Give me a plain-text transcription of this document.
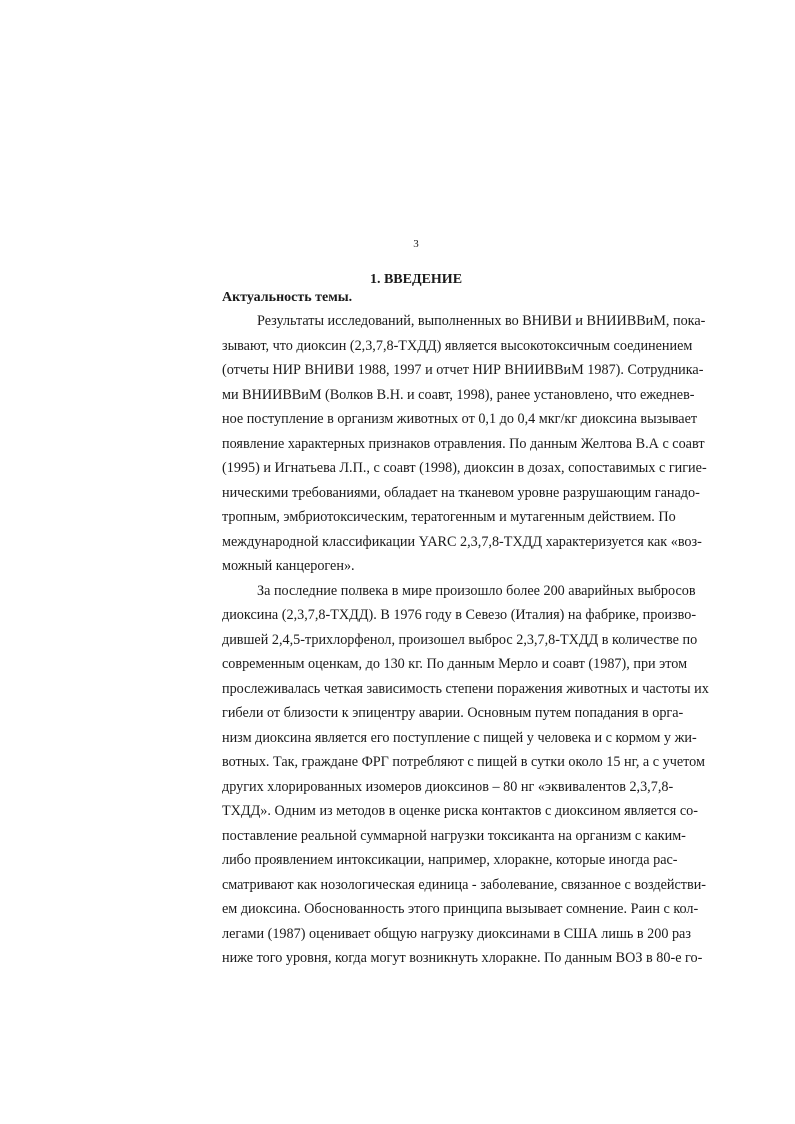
3
1. ВВЕДЕНИЕ
Актуальность темы.
Результаты исследований, выполненных во ВНИВИ и ВНИИВВиМ, пока-
зывают, что диоксин (2,3,7,8-ТХДД) является высокотоксичным соединением
(отчеты НИР ВНИВИ 1988, 1997 и отчет НИР ВНИИВВиМ 1987). Сотрудника-
ми ВНИИВВиМ (Волков В.Н. и соавт, 1998), ранее установлено, что ежеднев-
ное поступление в организм животных от 0,1 до 0,4 мкг/кг диоксина вызывает
появление характерных признаков отравления. По данным Желтова В.А с соавт
(1995) и Игнатьева Л.П., с соавт (1998), диоксин в дозах, сопоставимых с гигие-
ническими требованиями, обладает на тканевом уровне разрушающим ганадо-
тропным, эмбриотоксическим, тератогенным и мутагенным действием. По
международной классификации YARC 2,3,7,8-ТХДД характеризуется как «воз-
можный канцероген».
За последние полвека в мире произошло более 200 аварийных выбросов
диоксина (2,3,7,8-ТХДД). В 1976 году в Севезо (Италия) на фабрике, произво-
дившей 2,4,5-трихлорфенол, произошел выброс 2,3,7,8-ТХДД в количестве по
современным оценкам, до 130 кг. По данным Мерло и соавт (1987), при этом
прослеживалась четкая зависимость степени поражения животных и частоты их
гибели от близости к эпицентру аварии. Основным путем попадания в орга-
низм диоксина является его поступление с пищей у человека и с кормом у жи-
вотных. Так, граждане ФРГ потребляют с пищей в сутки около 15 нг, а с учетом
других хлорированных изомеров диоксинов – 80 нг «эквивалентов 2,3,7,8-
ТХДД». Одним из методов в оценке риска контактов с диоксином является со-
поставление реальной суммарной нагрузки токсиканта на организм с каким-
либо проявлением интоксикации, например, хлоракне, которые иногда рас-
сматривают как нозологическая единица - заболевание, связанное с воздействи-
ем диоксина. Обоснованность этого принципа вызывает сомнение. Раин с кол-
легами (1987) оценивает общую нагрузку диоксинами в США лишь в 200 раз
ниже того уровня, когда могут возникнуть хлоракне. По данным ВОЗ в 80-е го-
